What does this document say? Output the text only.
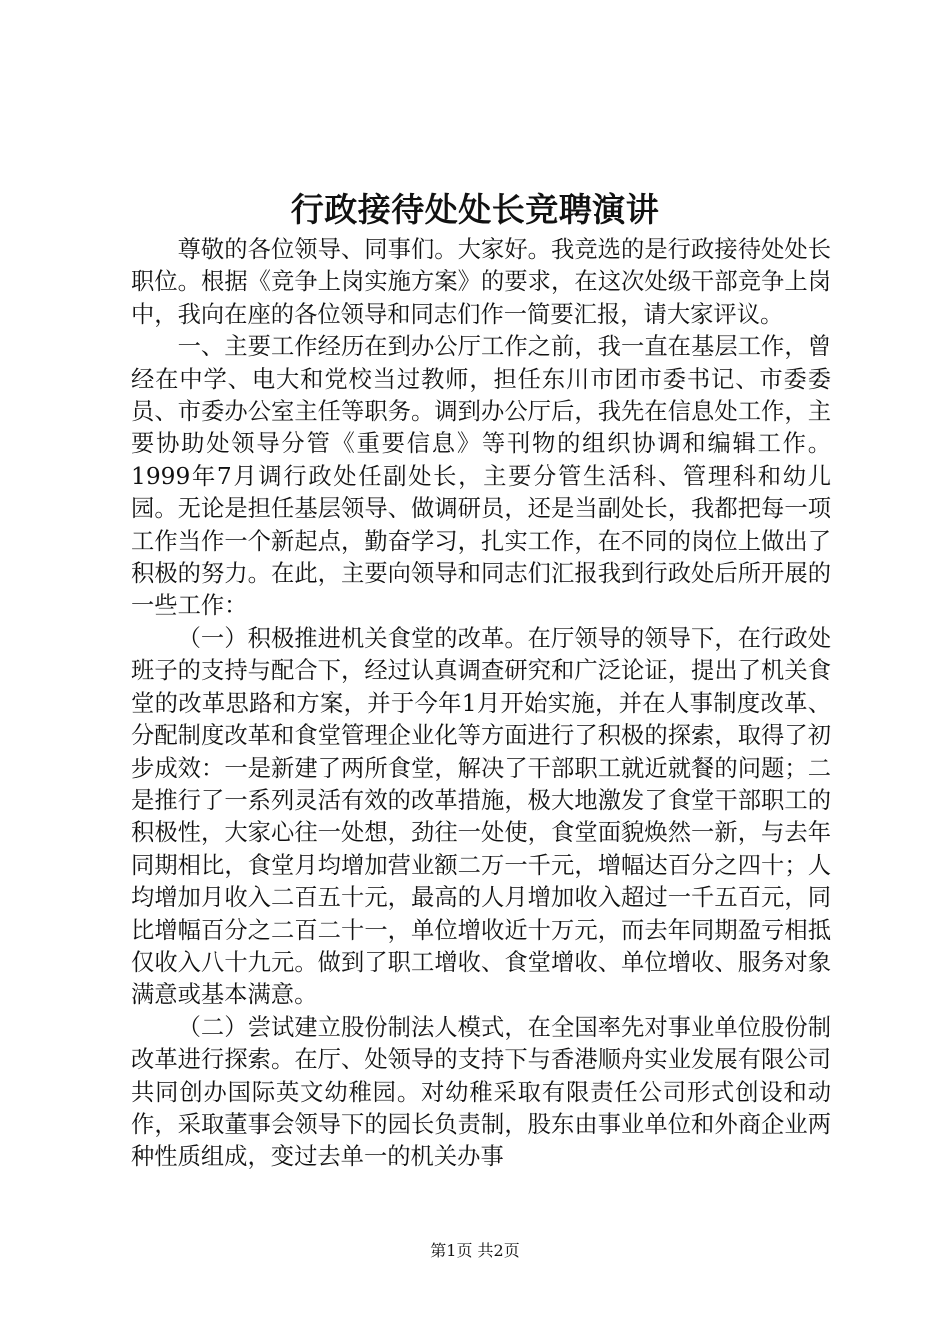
行政接待处处长竞聘演讲

尊敬的各位领导、同事们。大家好。我竞选的是行政接待处处长职位。根据《竞争上岗实施方案》的要求，在这次处级干部竞争上岗中，我向在座的各位领导和同志们作一简要汇报，请大家评议。

一、主要工作经历在到办公厅工作之前，我一直在基层工作，曾经在中学、电大和党校当过教师，担任东川市团市委书记、市委委员、市委办公室主任等职务。调到办公厅后，我先在信息处工作，主要协助处领导分管《重要信息》等刊物的组织协调和编辑工作。1999年7月调行政处任副处长，主要分管生活科、管理科和幼儿园。无论是担任基层领导、做调研员，还是当副处长，我都把每一项工作当作一个新起点，勤奋学习，扎实工作，在不同的岗位上做出了积极的努力。在此，主要向领导和同志们汇报我到行政处后所开展的一些工作：

（一）积极推进机关食堂的改革。在厅领导的领导下，在行政处班子的支持与配合下，经过认真调查研究和广泛论证，提出了机关食堂的改革思路和方案，并于今年1月开始实施，并在人事制度改革、分配制度改革和食堂管理企业化等方面进行了积极的探索，取得了初步成效：一是新建了两所食堂，解决了干部职工就近就餐的问题；二是推行了一系列灵活有效的改革措施，极大地激发了食堂干部职工的积极性，大家心往一处想，劲往一处使，食堂面貌焕然一新，与去年同期相比，食堂月均增加营业额二万一千元，增幅达百分之四十；人均增加月收入二百五十元，最高的人月增加收入超过一千五百元，同比增幅百分之二百二十一，单位增收近十万元，而去年同期盈亏相抵仅收入八十九元。做到了职工增收、食堂增收、单位增收、服务对象满意或基本满意。

（二）尝试建立股份制法人模式，在全国率先对事业单位股份制改革进行探索。在厅、处领导的支持下与香港顺舟实业发展有限公司共同创办国际英文幼稚园。对幼稚采取有限责任公司形式创设和动作，采取董事会领导下的园长负责制，股东由事业单位和外商企业两种性质组成，变过去单一的机关办事

第1页 共2页
